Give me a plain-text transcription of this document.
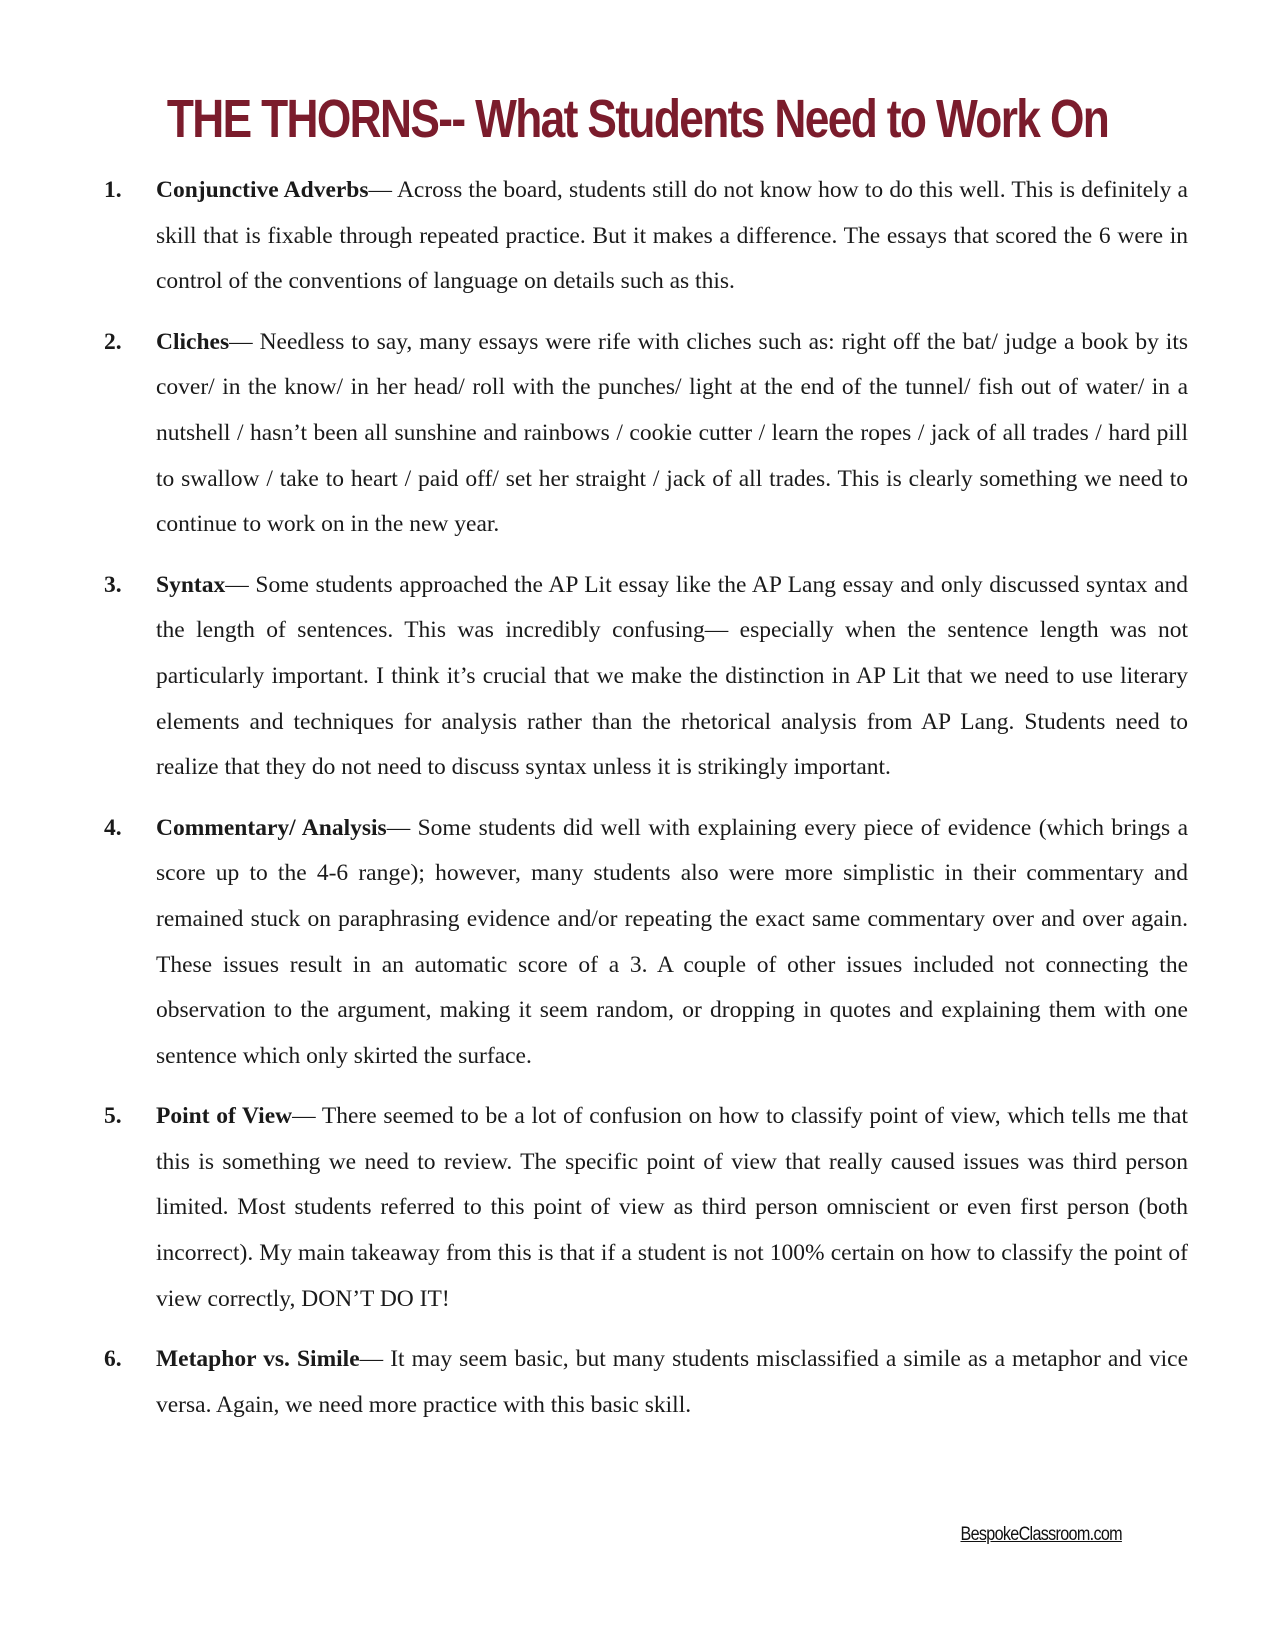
THE THORNS-- What Students Need to Work On
1. Conjunctive Adverbs— Across the board, students still do not know how to do this well. This is definitely a skill that is fixable through repeated practice. But it makes a difference. The essays that scored the 6 were in control of the conventions of language on details such as this.
2. Cliches— Needless to say, many essays were rife with cliches such as: right off the bat/ judge a book by its cover/ in the know/ in her head/ roll with the punches/ light at the end of the tunnel/ fish out of water/ in a nutshell / hasn’t been all sunshine and rainbows / cookie cutter / learn the ropes / jack of all trades / hard pill to swallow / take to heart / paid off/ set her straight / jack of all trades. This is clearly something we need to continue to work on in the new year.
3. Syntax— Some students approached the AP Lit essay like the AP Lang essay and only discussed syntax and the length of sentences. This was incredibly confusing— especially when the sentence length was not particularly important. I think it’s crucial that we make the distinction in AP Lit that we need to use literary elements and techniques for analysis rather than the rhetorical analysis from AP Lang. Students need to realize that they do not need to discuss syntax unless it is strikingly important.
4. Commentary/ Analysis— Some students did well with explaining every piece of evidence (which brings a score up to the 4-6 range); however, many students also were more simplistic in their commentary and remained stuck on paraphrasing evidence and/or repeating the exact same commentary over and over again. These issues result in an automatic score of a 3. A couple of other issues included not connecting the observation to the argument, making it seem random, or dropping in quotes and explaining them with one sentence which only skirted the surface.
5. Point of View— There seemed to be a lot of confusion on how to classify point of view, which tells me that this is something we need to review. The specific point of view that really caused issues was third person limited. Most students referred to this point of view as third person omniscient or even first person (both incorrect). My main takeaway from this is that if a student is not 100% certain on how to classify the point of view correctly, DON’T DO IT!
6. Metaphor vs. Simile— It may seem basic, but many students misclassified a simile as a metaphor and vice versa. Again, we need more practice with this basic skill.
BespokeClassroom.com
